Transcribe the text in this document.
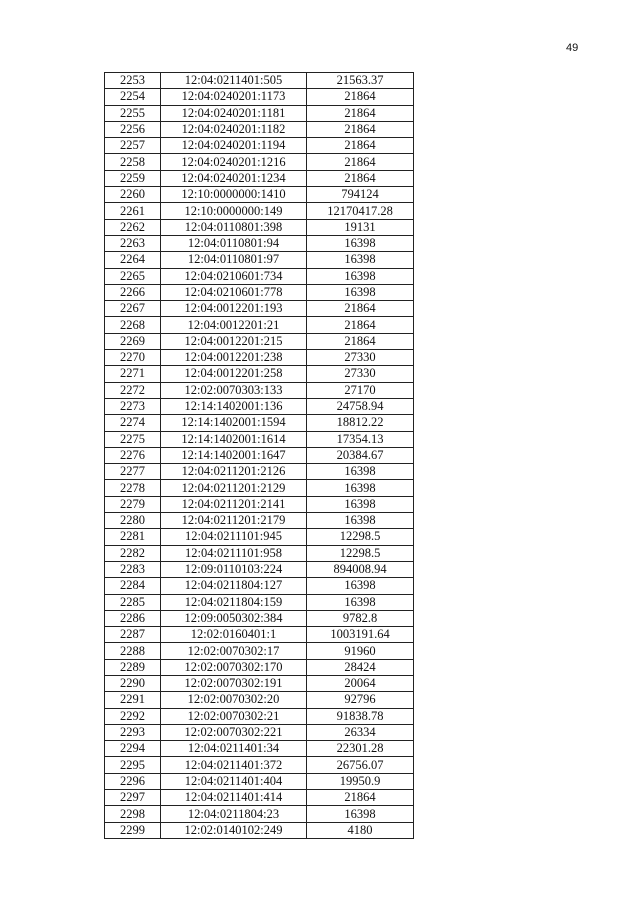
49
2253	12:04:0211401:505	21563.37
2254	12:04:0240201:1173	21864
2255	12:04:0240201:1181	21864
2256	12:04:0240201:1182	21864
2257	12:04:0240201:1194	21864
2258	12:04:0240201:1216	21864
2259	12:04:0240201:1234	21864
2260	12:10:0000000:1410	794124
2261	12:10:0000000:149	12170417.28
2262	12:04:0110801:398	19131
2263	12:04:0110801:94	16398
2264	12:04:0110801:97	16398
2265	12:04:0210601:734	16398
2266	12:04:0210601:778	16398
2267	12:04:0012201:193	21864
2268	12:04:0012201:21	21864
2269	12:04:0012201:215	21864
2270	12:04:0012201:238	27330
2271	12:04:0012201:258	27330
2272	12:02:0070303:133	27170
2273	12:14:1402001:136	24758.94
2274	12:14:1402001:1594	18812.22
2275	12:14:1402001:1614	17354.13
2276	12:14:1402001:1647	20384.67
2277	12:04:0211201:2126	16398
2278	12:04:0211201:2129	16398
2279	12:04:0211201:2141	16398
2280	12:04:0211201:2179	16398
2281	12:04:0211101:945	12298.5
2282	12:04:0211101:958	12298.5
2283	12:09:0110103:224	894008.94
2284	12:04:0211804:127	16398
2285	12:04:0211804:159	16398
2286	12:09:0050302:384	9782.8
2287	12:02:0160401:1	1003191.64
2288	12:02:0070302:17	91960
2289	12:02:0070302:170	28424
2290	12:02:0070302:191	20064
2291	12:02:0070302:20	92796
2292	12:02:0070302:21	91838.78
2293	12:02:0070302:221	26334
2294	12:04:0211401:34	22301.28
2295	12:04:0211401:372	26756.07
2296	12:04:0211401:404	19950.9
2297	12:04:0211401:414	21864
2298	12:04:0211804:23	16398
2299	12:02:0140102:249	4180
